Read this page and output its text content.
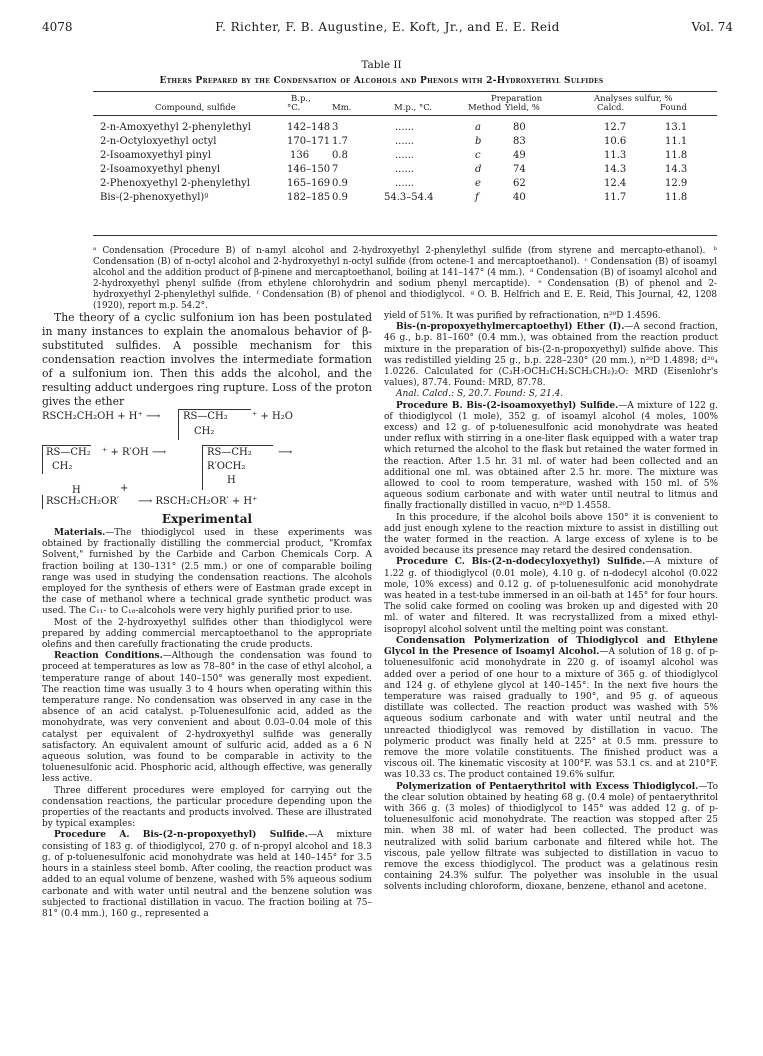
4078	F. Richter, F. B. Augustine, E. Koft, Jr., and E. E. Reid	Vol. 74
Table II
Ethers Prepared by the Condensation of Alcohols and Phenols with 2-Hydroxyethyl Sulfides
Compound, sulfide
B.p.,
°C.	Mm.	M.p., °C.
Preparation
Method Yield, %
Analyses sulfur, %
Calcd.	Found
2-n-Amoxyethyl 2-phenylethyl	142–148 3	......	a	80	12.7	13.1
2-n-Octyloxyethyl octyl	170–171 1.7	......	b	83	10.6	11.1
2-Isoamoxyethyl pinyl	136 0.8	......	c	49	11.3	11.8
2-Isoamoxyethyl phenyl	146–150 7	......	d	74	14.3	14.3
2-Phenoxyethyl 2-phenylethyl	165–169 0.9	......	e	62	12.4	12.9
Bis-(2-phenoxyethyl)ᵍ	182–185 0.9	54.3–54.4	f	40	11.7	11.8
ᵃ Condensation (Procedure B) of n-amyl alcohol and 2-hydroxyethyl 2-phenylethyl sulfide (from styrene and mercapto-ethanol). ᵇ Condensation (B) of n-octyl alcohol and 2-hydroxyethyl n-octyl sulfide (from octene-1 and mercaptoethanol). ᶜ Condensation (B) of isoamyl alcohol and the addition product of β-pinene and mercaptoethanol, boiling at 141–147° (4 mm.). ᵈ Condensation (B) of isoamyl alcohol and 2-hydroxyethyl phenyl sulfide (from ethylene chlorohydrin and sodium phenyl mercaptide). ᵉ Condensation (B) of phenol and 2-hydroxyethyl 2-phenylethyl sulfide. ᶠ Condensation (B) of phenol and thiodiglycol. ᵍ O. B. Helfrich and E. E. Reid, This Journal, 42, 1208 (1920), report m.p. 54.2°.

The theory of a cyclic sulfonium ion has been postulated in many instances to explain the anomalous behavior of β-substituted sulfides. A possible mechanism for this condensation reaction involves the intermediate formation of a sulfonium ion. Then this adds the alcohol, and the resulting adduct undergoes ring rupture. Loss of the proton gives the ether

RSCH₂CH₂OH + H⁺ ⟶ RS—CH₂
CH₂
⁺ + H₂O
RS—CH₂
CH₂
⁺ + R′OH ⟶	RS—CH₂
R′OCH₂
H
⟶
H	+
RSCH₂CH₂OR′ ⟶ RSCH₂CH₂OR′ + H⁺

Experimental

Materials.—The thiodiglycol used in these experiments was obtained by fractionally distilling the commercial product, "Kromfax Solvent," furnished by the Carbide and Carbon Chemicals Corp. A fraction boiling at 130–131° (2.5 mm.) or one of comparable boiling range was used in studying the condensation reactions. The alcohols employed for the synthesis of ethers were of Eastman grade except in the case of methanol where a technical grade synthetic product was used. The C₁₁- to C₁₈-alcohols were very highly purified prior to use.

Most of the 2-hydroxyethyl sulfides other than thiodiglycol were prepared by adding commercial mercaptoethanol to the appropriate olefins and then carefully fractionating the crude products.

Reaction Conditions.—Although the condensation was found to proceed at temperatures as low as 78–80° in the case of ethyl alcohol, a temperature range of about 140–150° was generally most expedient. The reaction time was usually 3 to 4 hours when operating within this temperature range. No condensation was observed in any case in the absence of an acid catalyst. p-Toluenesulfonic acid, added as the monohydrate, was very convenient and about 0.03–0.04 mole of this catalyst per equivalent of 2-hydroxyethyl sulfide was generally satisfactory. An equivalent amount of sulfuric acid, added as a 6 N aqueous solution, was found to be comparable in activity to the toluenesulfonic acid. Phosphoric acid, although effective, was generally less active.

Three different procedures were employed for carrying out the condensation reactions, the particular procedure depending upon the properties of the reactants and products involved. These are illustrated by typical examples:

Procedure A. Bis-(2-n-propoxyethyl) Sulfide.—A mixture consisting of 183 g. of thiodiglycol, 270 g. of n-propyl alcohol and 18.3 g. of p-toluenesulfonic acid monohydrate was held at 140–145° for 3.5 hours in a stainless steel bomb. After cooling, the reaction product was added to an equal volume of benzene, washed with 5% aqueous sodium carbonate and with water until neutral and the benzene solution was subjected to fractional distillation in vacuo. The fraction boiling at 75–81° (0.4 mm.), 160 g., represented a

yield of 51%. It was purified by refractionation, n²⁰D 1.4596.

Bis-(n-propoxyethylmercaptoethyl) Ether (I).—A second fraction, 46 g., b.p. 81–160° (0.4 mm.), was obtained from the reaction product mixture in the preparation of bis-(2-n-propoxyethyl) sulfide above. This was redistilled yielding 25 g., b.p. 228–230° (20 mm.), n²⁰D 1.4898; d²⁰₄ 1.0226. Calculated for (C₃H₇OCH₂CH₂SCH₂CH₂)₂O: MRD (Eisenlohr's values), 87.74. Found: MRD, 87.78.

Anal. Calcd.: S, 20.7. Found: S, 21.4.

Procedure B. Bis-(2-isoamoxyethyl) Sulfide.—A mixture of 122 g. of thiodiglycol (1 mole), 352 g. of isoamyl alcohol (4 moles, 100% excess) and 12 g. of p-toluenesulfonic acid monohydrate was heated under reflux with stirring in a one-liter flask equipped with a water trap which returned the alcohol to the flask but retained the water formed in the reaction. After 1.5 hr. 31 ml. of water had been collected and an additional one ml. was obtained after 2.5 hr. more. The mixture was allowed to cool to room temperature, washed with 150 ml. of 5% aqueous sodium carbonate and with water until neutral to litmus and finally fractionally distilled in vacuo, n²⁰D 1.4558.

In this procedure, if the alcohol boils above 150° it is convenient to add just enough xylene to the reaction mixture to assist in distilling out the water formed in the reaction. A large excess of xylene is to be avoided because its presence may retard the desired condensation.

Procedure C. Bis-(2-n-dodecyloxyethyl) Sulfide.—A mixture of 1.22 g. of thiodiglycol (0.01 mole), 4.10 g. of n-dodecyl alcohol (0.022 mole, 10% excess) and 0.12 g. of p-toluenesulfonic acid monohydrate was heated in a test-tube immersed in an oil-bath at 145° for four hours. The solid cake formed on cooling was broken up and digested with 20 ml. of water and filtered. It was recrystallized from a mixed ethyl-isopropyl alcohol solvent until the melting point was constant.

Condensation Polymerization of Thiodiglycol and Ethylene Glycol in the Presence of Isoamyl Alcohol.—A solution of 18 g. of p-toluenesulfonic acid monohydrate in 220 g. of isoamyl alcohol was added over a period of one hour to a mixture of 365 g. of thiodiglycol and 124 g. of ethylene glycol at 140–145°. In the next five hours the temperature was raised gradually to 190°, and 95 g. of aqueous distillate was collected. The reaction product was washed with 5% aqueous sodium carbonate and with water until neutral and the unreacted thiodiglycol was removed by distillation in vacuo. The polymeric product was finally held at 225° at 0.5 mm. pressure to remove the more volatile constituents. The finished product was a viscous oil. The kinematic viscosity at 100°F. was 53.1 cs. and at 210°F. was 10.33 cs. The product contained 19.6% sulfur.

Polymerization of Pentaerythritol with Excess Thiodiglycol.—To the clear solution obtained by heating 68 g. (0.4 mole) of pentaerythritol with 366 g. (3 moles) of thiodiglycol to 145° was added 12 g. of p-toluenesulfonic acid monohydrate. The reaction was stopped after 25 min. when 38 ml. of water had been collected. The product was neutralized with solid barium carbonate and filtered while hot. The viscous, pale yellow filtrate was subjected to distillation in vacuo to remove the excess thiodiglycol. The product was a gelatinous resin containing 24.3% sulfur. The polyether was insoluble in the usual solvents including chloroform, dioxane, benzene, ethanol and acetone.
